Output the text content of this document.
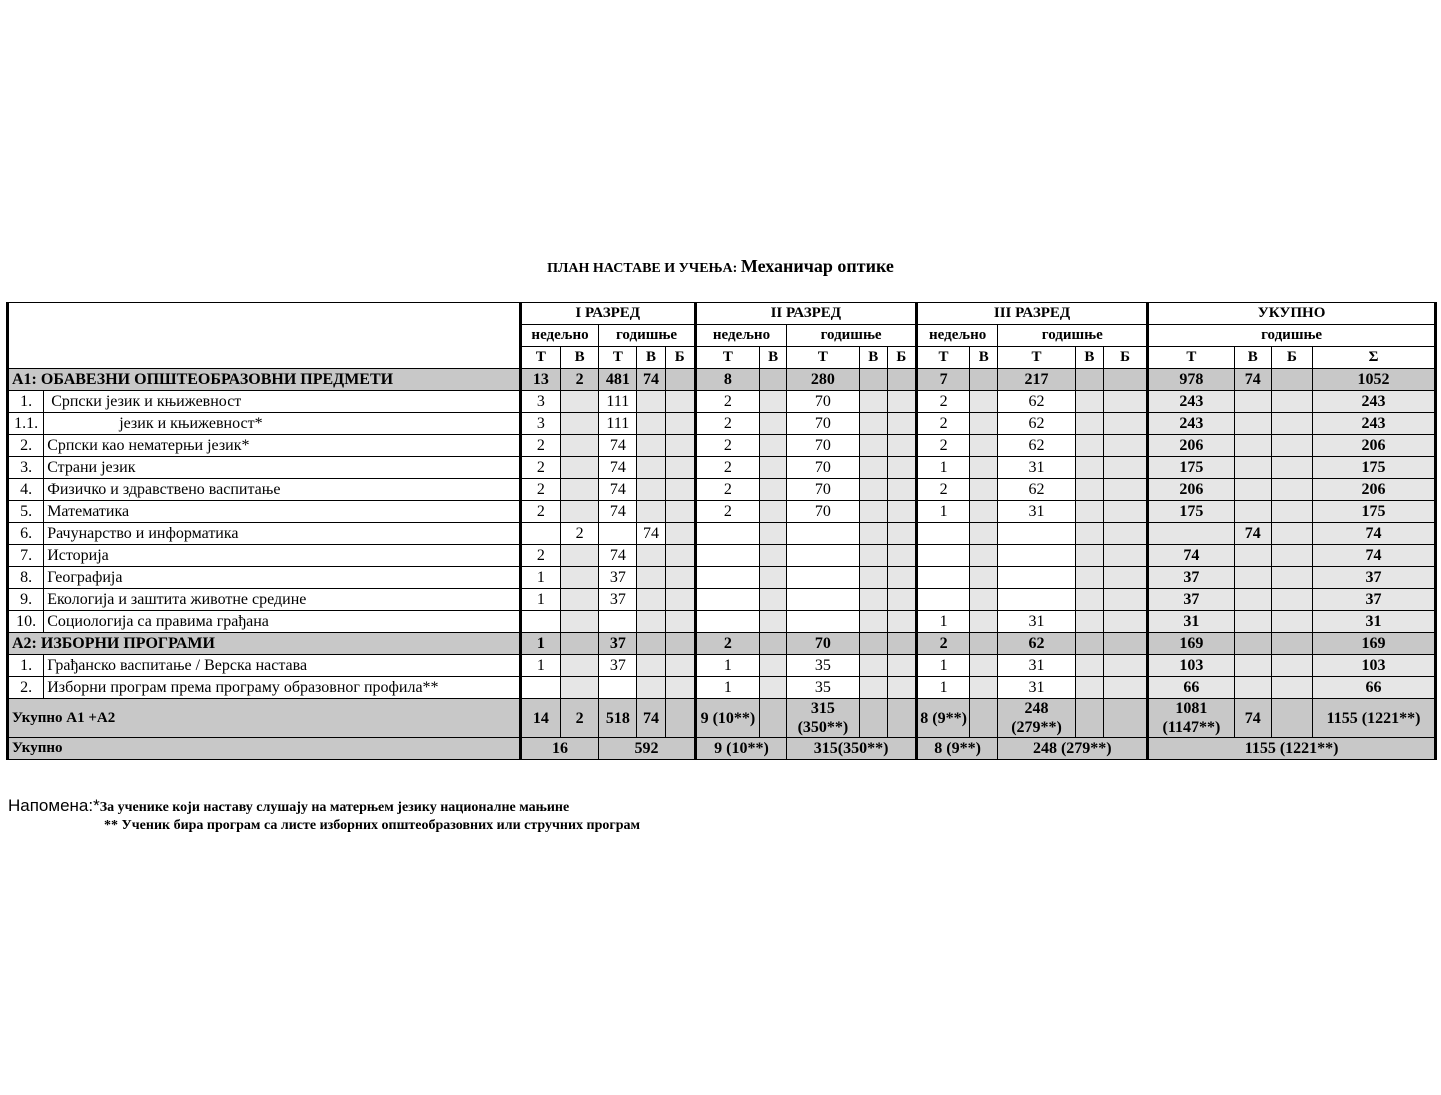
ПЛАН НАСТАВЕ И УЧЕЊА: Механичар оптике
		I РАЗРЕД					II РАЗРЕД					III РАЗРЕД					УКУПНО			
		недељно		годишње			недељно		годишње			недељно		годишње			годишње			
		Т	В	Т	В	Б	Т	В	Т	В	Б	Т	В	Т	В	Б	Т	В	Б	Σ
А1: ОБАВЕЗНИ ОПШТЕОБРАЗОВНИ ПРЕДМЕТИ		13	2	481	74		8		280			7		217			978	74		1052
1.	Српски језик и књижевност	3		111			2		70			2		62			243			243
1.1.	језик и књижевност*	3		111			2		70			2		62			243			243
2.	Српски као нематерњи језик*	2		74			2		70			2		62			206			206
3.	Страни језик	2		74			2		70			1		31			175			175
4.	Физичко и здравствено васпитање	2		74			2		70			2		62			206			206
5.	Математика	2		74			2		70			1		31			175			175
6.	Рачунарство и информатика		2		74													74		74
7.	Историја	2		74													74			74
8.	Географија	1		37													37			37
9.	Екологија и заштита животне средине	1		37													37			37
10.	Социологија са правима грађана											1		31			31			31
А2: ИЗБОРНИ ПРОГРАМИ		1		37			2		70			2		62			169			169
1.	Грађанско васпитање / Верска настава	1		37			1		35			1		31			103			103
2.	Изборни програм према програму образовног профила**						1		35			1		31			66			66
Укупно А1 +А2		14	2	518	74		9 (10**)		315 (350**)			8 (9**)		248 (279**)			1081 (1147**)	74		1155 (1221**)
Укупно		16		592			9 (10**)		315(350**)			8 (9**)		248 (279**)			1155 (1221**)			
Напомена:*За ученике који наставу слушају на матерњем језику националне мањине
** Ученик бира програм са листе изборних општеобразовних или стручних програм
